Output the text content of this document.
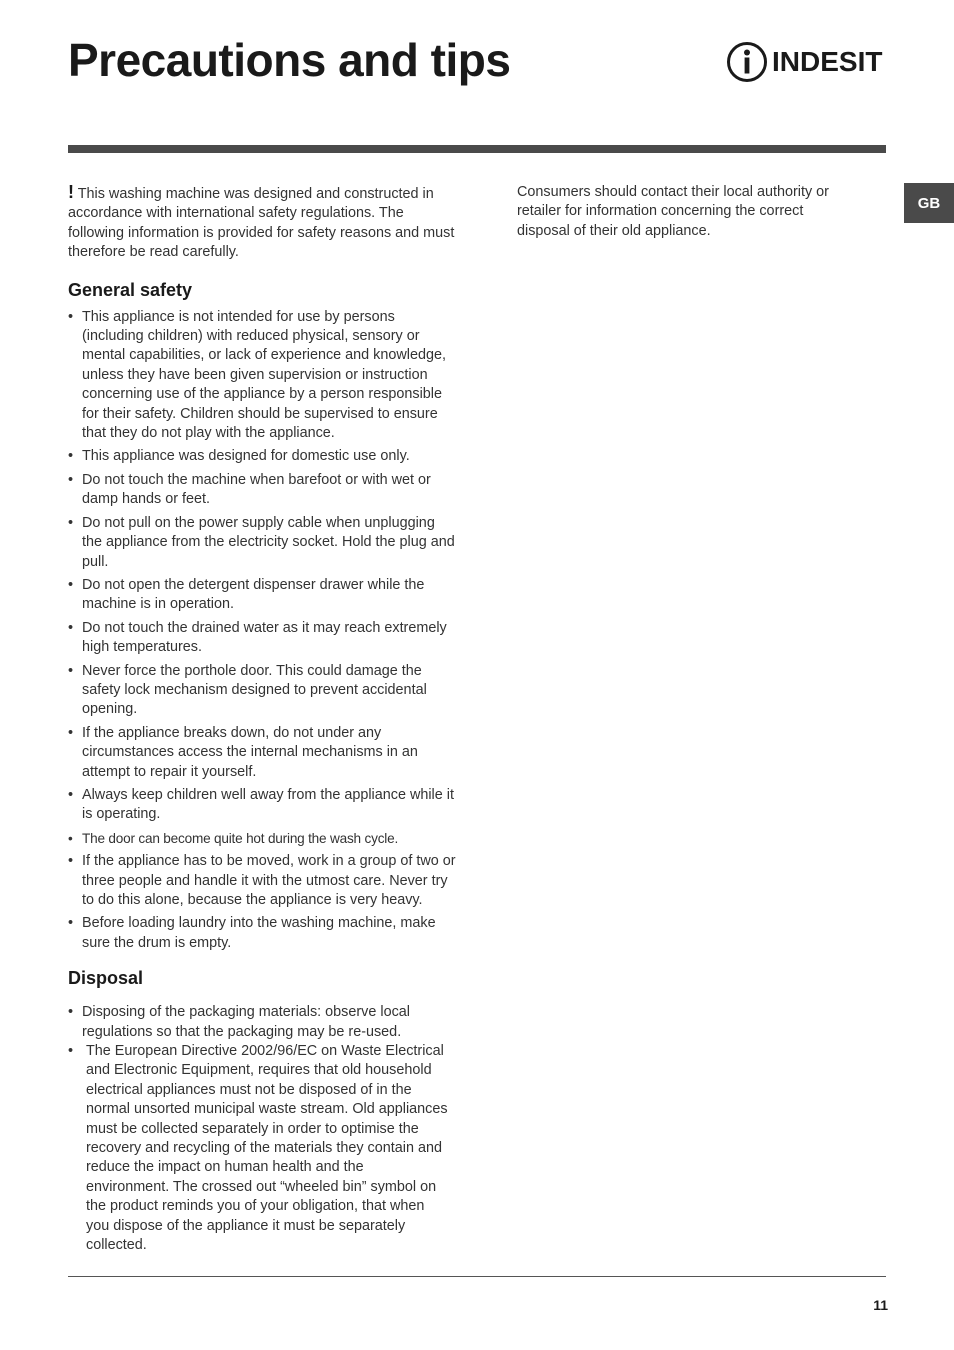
Precautions and tips	INDESIT
GB

! This washing machine was designed and constructed in accordance with international safety regulations. The following information is provided for safety reasons and must therefore be read carefully.

General safety
• This appliance is not intended for use by persons (including children) with reduced physical, sensory or mental capabilities, or lack of experience and knowledge, unless they have been given supervision or instruction concerning use of the appliance by a person responsible for their safety. Children should be supervised to ensure that they do not play with the appliance.
• This appliance was designed for domestic use only.
• Do not touch the machine when barefoot or with wet or damp hands or feet.
• Do not pull on the power supply cable when unplugging the appliance from the electricity socket. Hold the plug and pull.
• Do not open the detergent dispenser drawer while the machine is in operation.
• Do not touch the drained water as it may reach extremely high temperatures.
• Never force the porthole door. This could damage the safety lock mechanism designed to prevent accidental opening.
• If the appliance breaks down, do not under any circumstances access the internal mechanisms in an attempt to repair it yourself.
• Always keep children well away from the appliance while it is operating.
• The door can become quite hot during the wash cycle.
• If the appliance has to be moved, work in a group of two or three people and handle it with the utmost care. Never try to do this alone, because the appliance is very heavy.
• Before loading laundry into the washing machine, make sure the drum is empty.
Disposal
• Disposing of the packaging materials: observe local regulations so that the packaging may be re-used.
• The European Directive 2002/96/EC on Waste Electrical and Electronic Equipment, requires that old household electrical appliances must not be disposed of in the normal unsorted municipal waste stream. Old appliances must be collected separately in order to optimise the recovery and recycling of the materials they contain and reduce the impact on human health and the environment. The crossed out “wheeled bin” symbol on the product reminds you of your obligation, that when you dispose of the appliance it must be separately collected.

Consumers should contact their local authority or retailer for information concerning the correct disposal of their old appliance.

11
